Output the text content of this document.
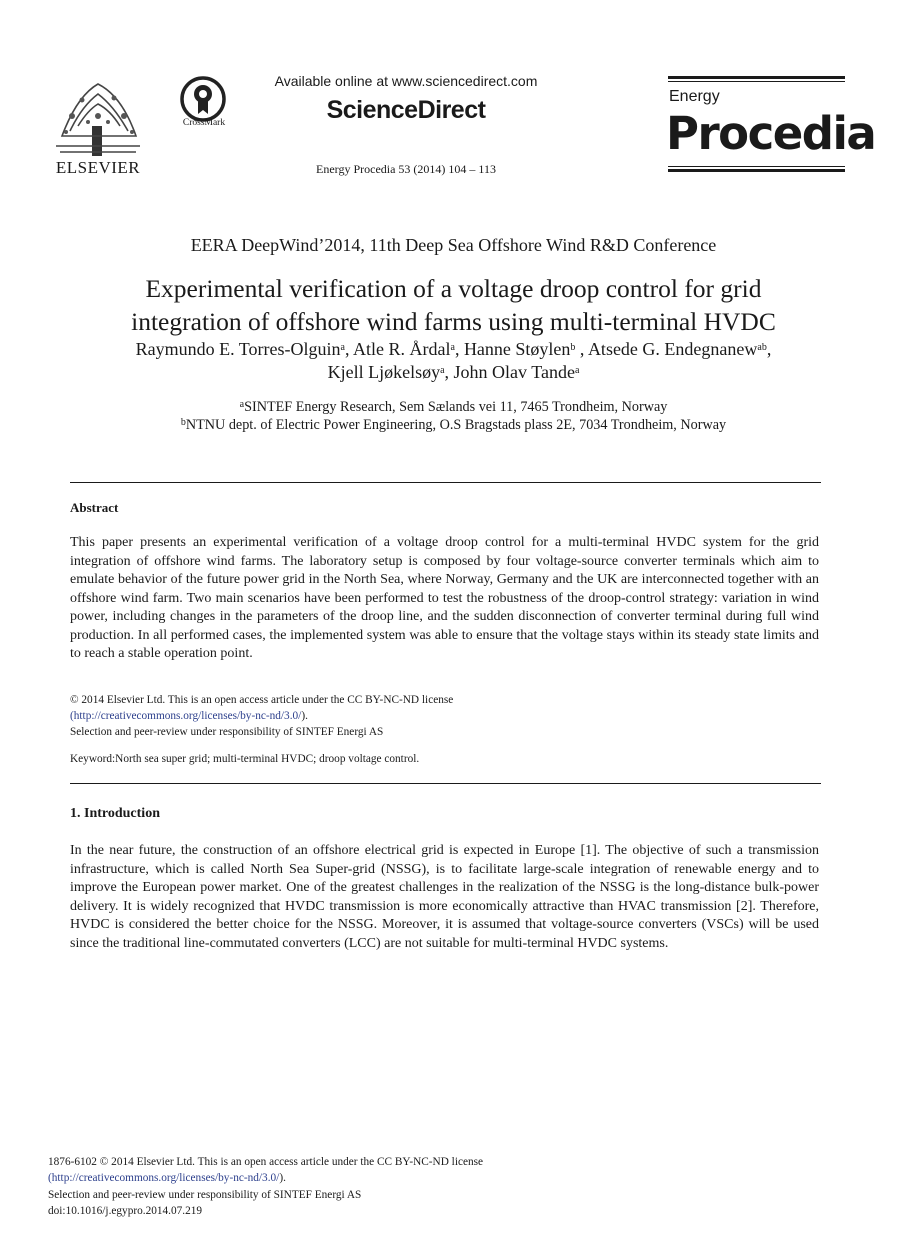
ELSEVIER
CrossMark
Available online at www.sciencedirect.com
ScienceDirect
Energy Procedia 53 (2014) 104 – 113
Energy
Procedia
EERA DeepWind’2014, 11th Deep Sea Offshore Wind R&D Conference
Experimental verification of a voltage droop control for grid
integration of offshore wind farms using multi-terminal HVDC
Raymundo E. Torres-Olguin$^a$, Atle R. Årdal$^a$, Hanne Støylen$^b$ , Atsede G. Endegnanew$^{ab}$,
Kjell Ljøkelsøy$^a$, John Olav Tande$^a$
$^a$SINTEF Energy Research, Sem Sælands vei 11, 7465 Trondheim, Norway
$^b$NTNU dept. of Electric Power Engineering, O.S Bragstads plass 2E, 7034 Trondheim, Norway
Abstract

This paper presents an experimental verification of a voltage droop control for a multi-terminal HVDC system for the grid integration of offshore wind farms. The laboratory setup is composed by four voltage-source converter terminals which aim to emulate behavior of the future power grid in the North Sea, where Norway, Germany and the UK are interconnected together with an offshore wind farm. Two main scenarios have been performed to test the robustness of the droop-control strategy: variation in wind power, including changes in the parameters of the droop line, and the sudden disconnection of converter terminal during full wind production. In all performed cases, the implemented system was able to ensure that the voltage stays within its steady state limits and to reach a stable operation point.

© 2014 Elsevier Ltd. This is an open access article under the CC BY-NC-ND license
(http://creativecommons.org/licenses/by-nc-nd/3.0/).
Selection and peer-review under responsibility of SINTEF Energi AS
Keyword:North sea super grid; multi-terminal HVDC; droop voltage control.
1. Introduction

In the near future, the construction of an offshore electrical grid is expected in Europe [1]. The objective of such a transmission infrastructure, which is called North Sea Super-grid (NSSG), is to facilitate large-scale integration of renewable energy and to improve the European power market. One of the greatest challenges in the realization of the NSSG is the long-distance bulk-power delivery. It is widely recognized that HVDC transmission is more economically attractive than HVAC transmission [2]. Therefore, HVDC is considered the better choice for the NSSG. Moreover, it is assumed that voltage-source converters (VSCs) will be used since the traditional line-commutated converters (LCC) are not suitable for multi-terminal HVDC systems.

1876-6102 © 2014 Elsevier Ltd. This is an open access article under the CC BY-NC-ND license
(http://creativecommons.org/licenses/by-nc-nd/3.0/).
Selection and peer-review under responsibility of SINTEF Energi AS
doi:10.1016/j.egypro.2014.07.219
